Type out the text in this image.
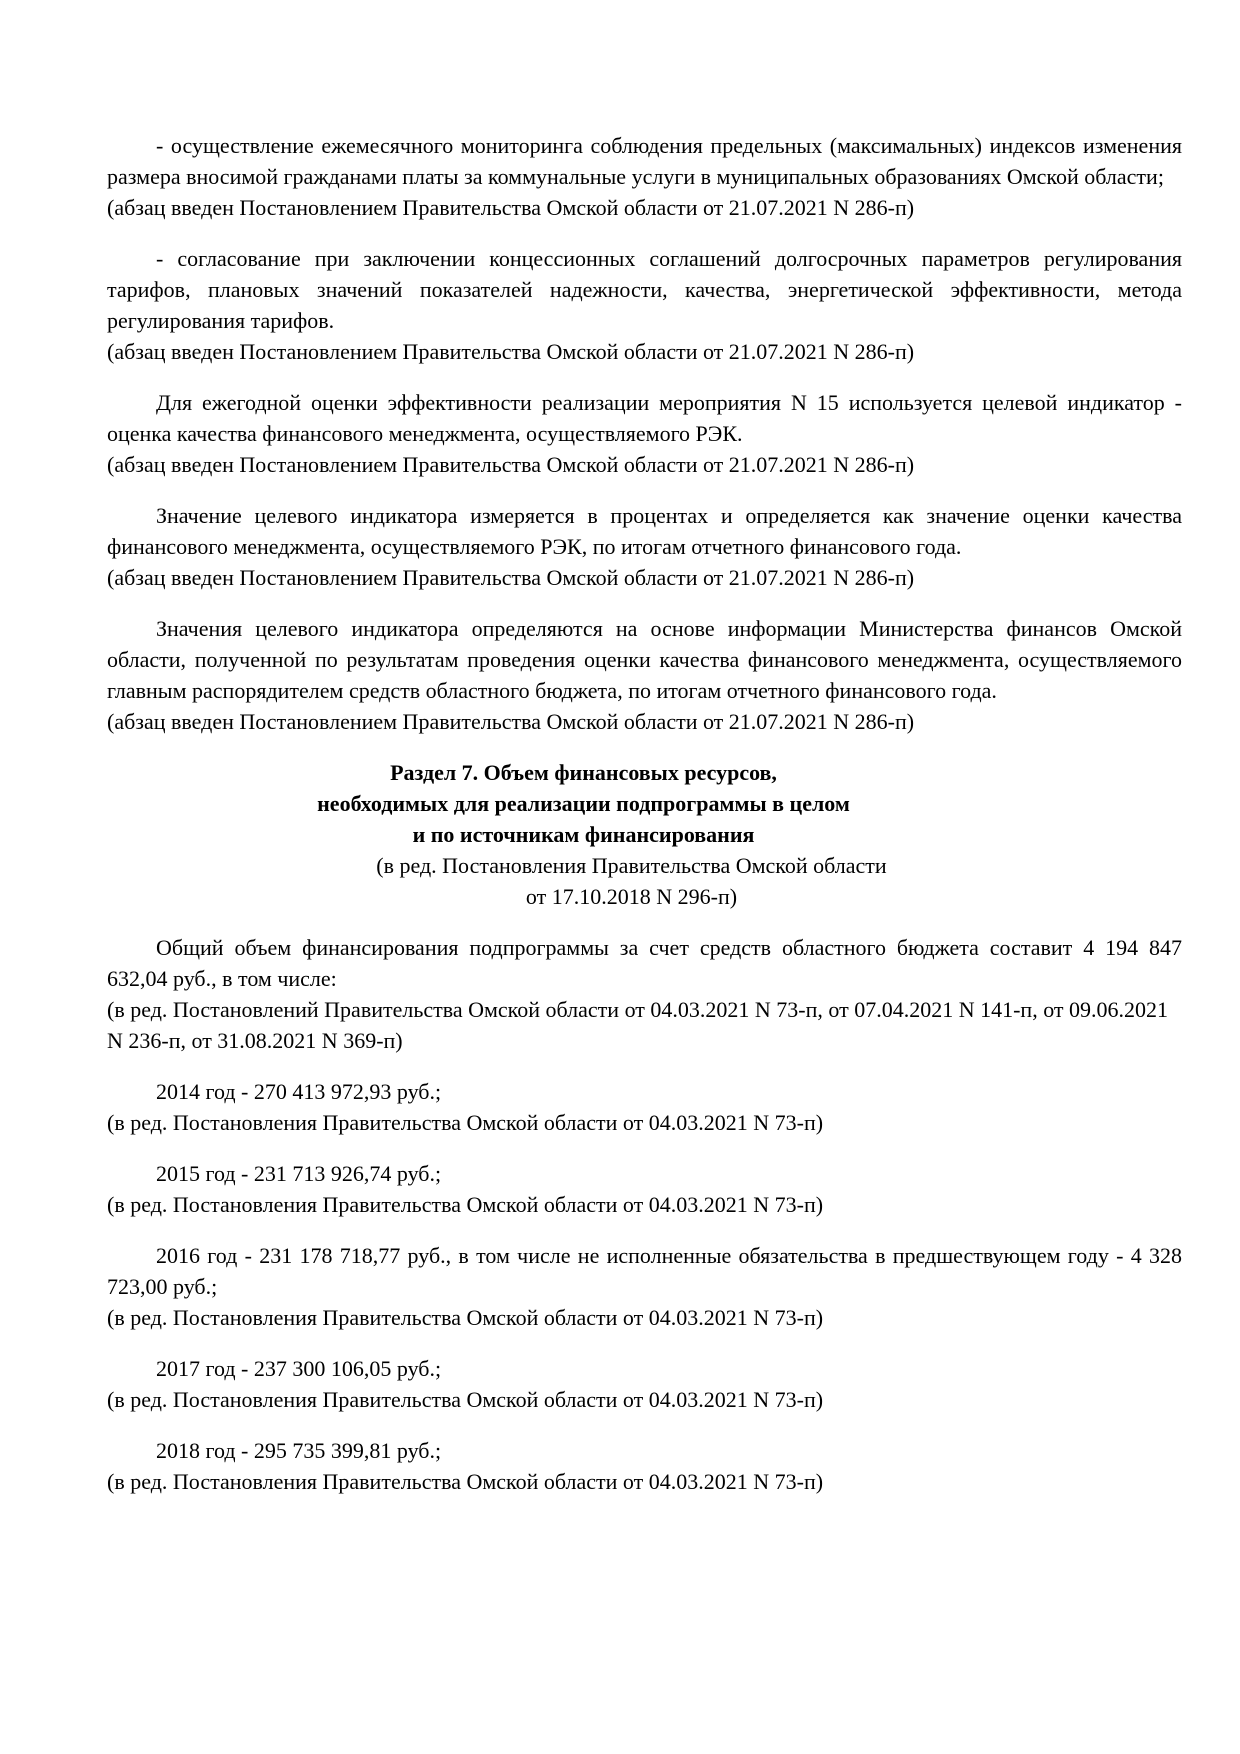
- осуществление ежемесячного мониторинга соблюдения предельных (максимальных) индексов изменения размера вносимой гражданами платы за коммунальные услуги в муниципальных образованиях Омской области;
(абзац введен Постановлением Правительства Омской области от 21.07.2021 N 286-п)
- согласование при заключении концессионных соглашений долгосрочных параметров регулирования тарифов, плановых значений показателей надежности, качества, энергетической эффективности, метода регулирования тарифов.
(абзац введен Постановлением Правительства Омской области от 21.07.2021 N 286-п)
Для ежегодной оценки эффективности реализации мероприятия N 15 используется целевой индикатор - оценка качества финансового менеджмента, осуществляемого РЭК.
(абзац введен Постановлением Правительства Омской области от 21.07.2021 N 286-п)
Значение целевого индикатора измеряется в процентах и определяется как значение оценки качества финансового менеджмента, осуществляемого РЭК, по итогам отчетного финансового года.
(абзац введен Постановлением Правительства Омской области от 21.07.2021 N 286-п)
Значения целевого индикатора определяются на основе информации Министерства финансов Омской области, полученной по результатам проведения оценки качества финансового менеджмента, осуществляемого главным распорядителем средств областного бюджета, по итогам отчетного финансового года.
(абзац введен Постановлением Правительства Омской области от 21.07.2021 N 286-п)
Раздел 7. Объем финансовых ресурсов,
необходимых для реализации подпрограммы в целом
и по источникам финансирования
(в ред. Постановления Правительства Омской области
от 17.10.2018 N 296-п)
Общий объем финансирования подпрограммы за счет средств областного бюджета составит 4 194 847 632,04 руб., в том числе:
(в ред. Постановлений Правительства Омской области от 04.03.2021 N 73-п, от 07.04.2021 N 141-п, от 09.06.2021 N 236-п, от 31.08.2021 N 369-п)
2014 год - 270 413 972,93 руб.;
(в ред. Постановления Правительства Омской области от 04.03.2021 N 73-п)
2015 год - 231 713 926,74 руб.;
(в ред. Постановления Правительства Омской области от 04.03.2021 N 73-п)
2016 год - 231 178 718,77 руб., в том числе не исполненные обязательства в предшествующем году - 4 328 723,00 руб.;
(в ред. Постановления Правительства Омской области от 04.03.2021 N 73-п)
2017 год - 237 300 106,05 руб.;
(в ред. Постановления Правительства Омской области от 04.03.2021 N 73-п)
2018 год - 295 735 399,81 руб.;
(в ред. Постановления Правительства Омской области от 04.03.2021 N 73-п)
